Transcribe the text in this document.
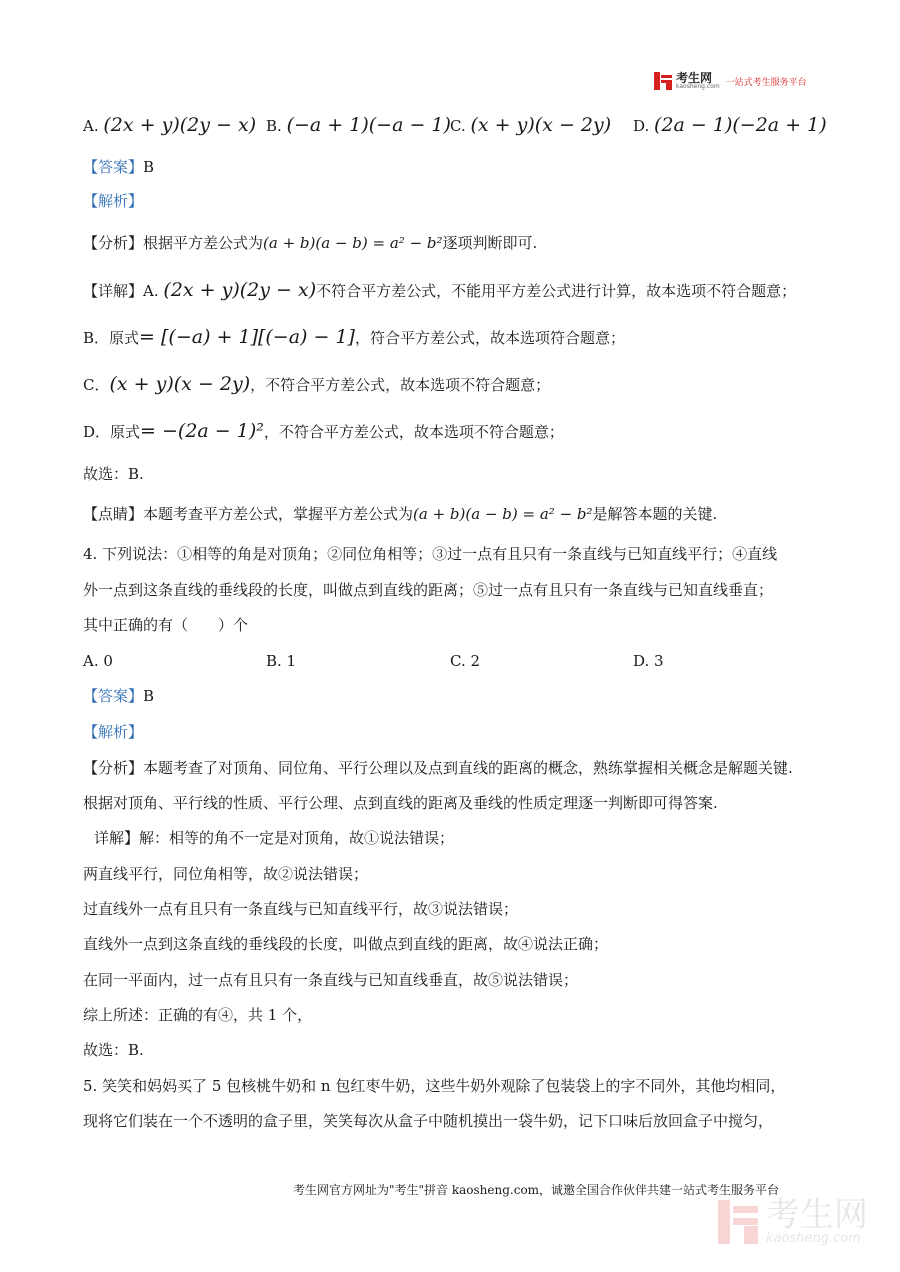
考生网
kaosheng.com 一站式考生服务平台
A. (2x + y)(2y − x) B. (−a + 1)(−a − 1) C. (x + y)(x − 2y) D. (2a − 1)(−2a + 1)
【答案】B
【解析】
【分析】根据平方差公式为(a + b)(a − b) = a² − b²逐项判断即可.
【详解】A. (2x + y)(2y − x)不符合平方差公式，不能用平方差公式进行计算，故本选项不符合题意；
B．原式= [(−a) + 1][(−a) − 1]，符合平方差公式，故本选项符合题意；
C．(x + y)(x − 2y)，不符合平方差公式，故本选项不符合题意；
D．原式= −(2a − 1)²，不符合平方差公式，故本选项不符合题意；
故选：B.
【点睛】本题考查平方差公式，掌握平方差公式为(a + b)(a − b) = a² − b²是解答本题的关键.
4. 下列说法：①相等的角是对顶角；②同位角相等；③过一点有且只有一条直线与已知直线平行；④直线
外一点到这条直线的垂线段的长度，叫做点到直线的距离；⑤过一点有且只有一条直线与已知直线垂直；
其中正确的有（　　）个
A. 0	B. 1	C. 2	D. 3
【答案】B
【解析】
【分析】本题考查了对顶角、同位角、平行公理以及点到直线的距离的概念，熟练掌握相关概念是解题关键.
根据对顶角、平行线的性质、平行公理、点到直线的距离及垂线的性质定理逐一判断即可得答案.
详解】解：相等的角不一定是对顶角，故①说法错误；
两直线平行，同位角相等，故②说法错误；
过直线外一点有且只有一条直线与已知直线平行，故③说法错误；
直线外一点到这条直线的垂线段的长度，叫做点到直线的距离，故④说法正确；
在同一平面内，过一点有且只有一条直线与已知直线垂直，故⑤说法错误；
综上所述：正确的有④，共 1 个，
故选：B.
5. 笑笑和妈妈买了 5 包核桃牛奶和 n 包红枣牛奶，这些牛奶外观除了包装袋上的字不同外，其他均相同，
现将它们装在一个不透明的盒子里，笑笑每次从盒子中随机摸出一袋牛奶，记下口味后放回盒子中搅匀，
考生网官方网址为"考生"拼音 kaosheng.com，诚邀全国合作伙伴共建一站式考生服务平台
考生网
kaosheng.com
